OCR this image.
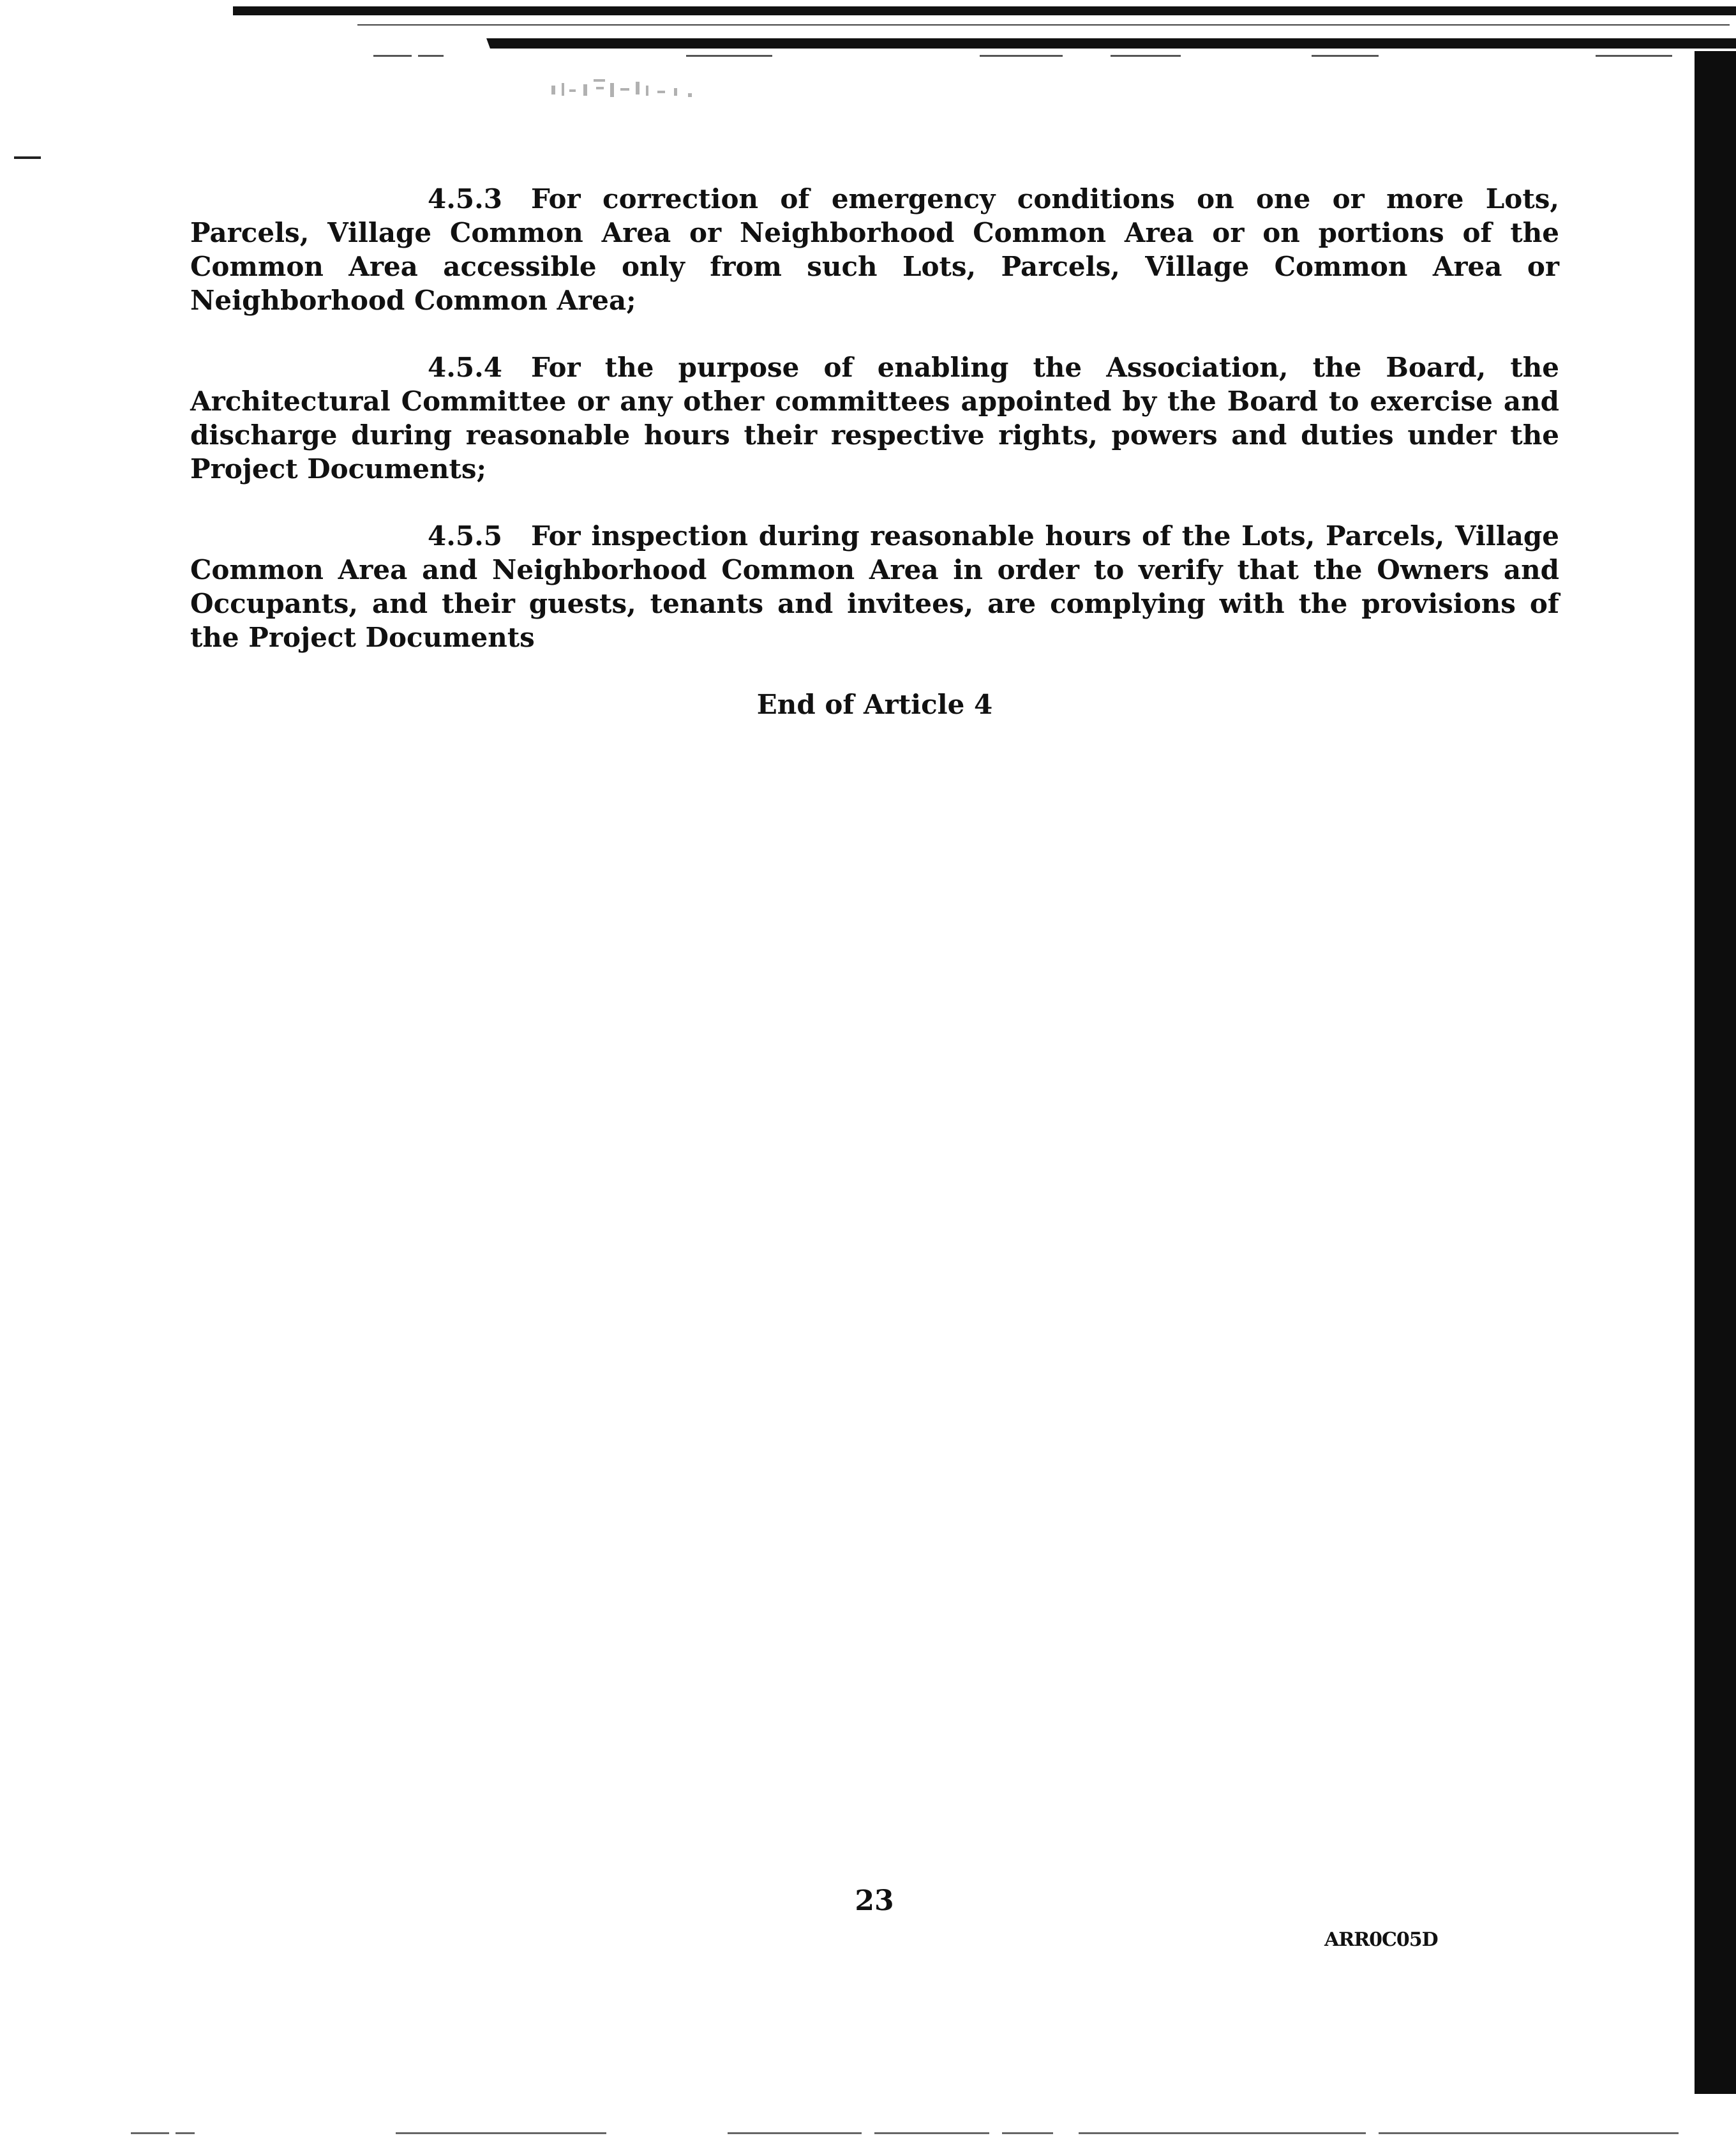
4.5.3 For correction of emergency conditions on one or more Lots, Parcels, Village Common Area or Neighborhood Common Area or on portions of the Common Area accessible only from such Lots, Parcels, Village Common Area or Neighborhood Common Area;

4.5.4 For the purpose of enabling the Association, the Board, the Architectural Committee or any other committees appointed by the Board to exercise and discharge during reasonable hours their respective rights, powers and duties under the Project Documents;

4.5.5 For inspection during reasonable hours of the Lots, Parcels, Village Common Area and Neighborhood Common Area in order to verify that the Owners and Occupants, and their guests, tenants and invitees, are complying with the provisions of the Project Documents

End of Article 4
23
ARR0C05D
